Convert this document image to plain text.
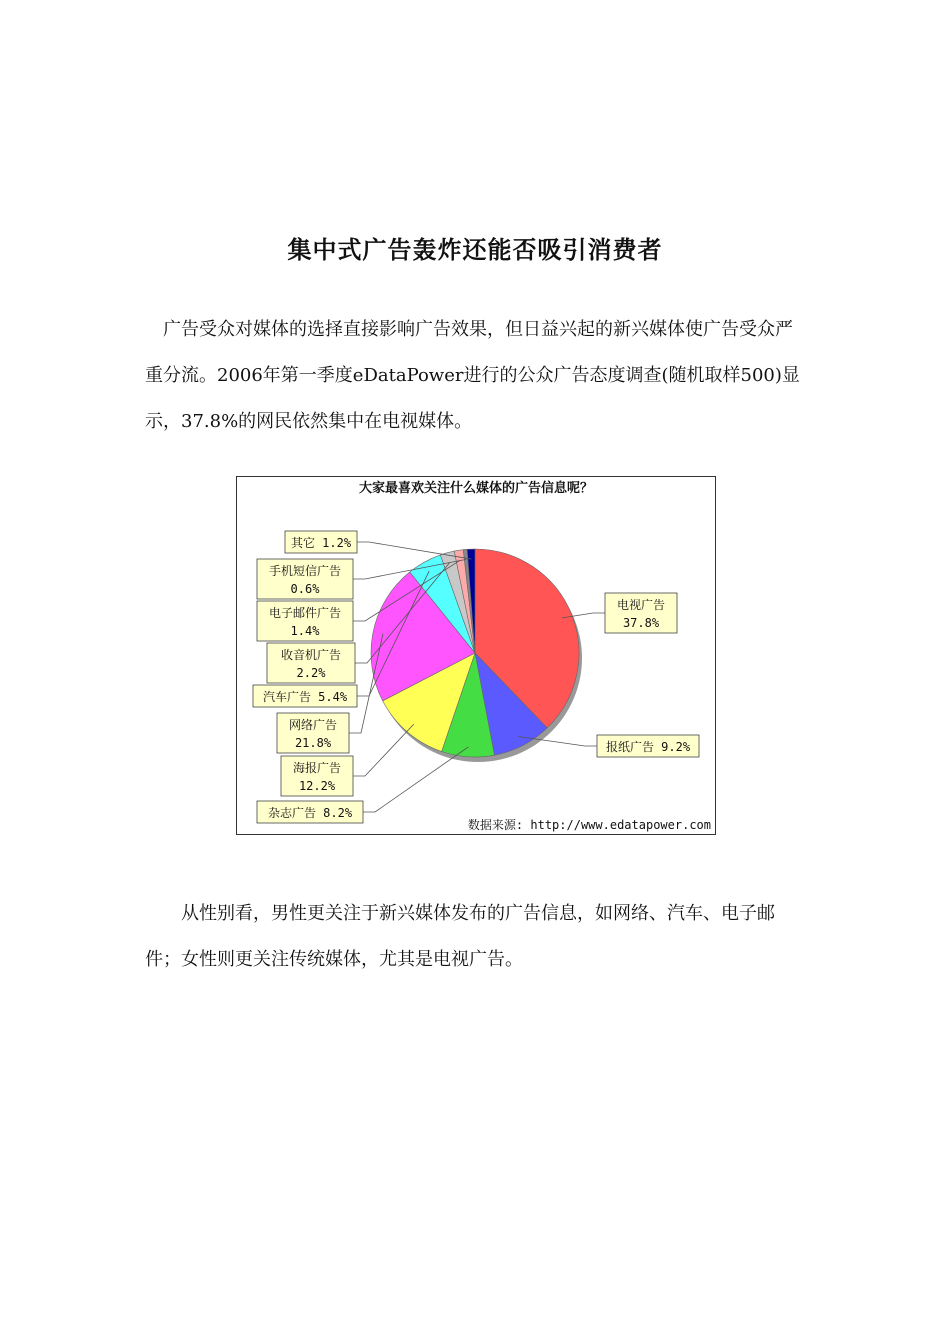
集中式广告轰炸还能否吸引消费者
广告受众对媒体的选择直接影响广告效果，但日益兴起的新兴媒体使广告受众严重分流。2006年第一季度eDataPower进行的公众广告态度调查(随机取样500)显示，37.8%的网民依然集中在电视媒体。
大家最喜欢关注什么媒体的广告信息呢？
电视广告
37.8%
报纸广告 9.2%
杂志广告 8.2%
海报广告
12.2%
网络广告
21.8%
汽车广告 5.4%
收音机广告
2.2%
电子邮件广告
1.4%
手机短信广告
0.6%
其它 1.2%
数据来源: http://www.edatapower.com
从性别看，男性更关注于新兴媒体发布的广告信息，如网络、汽车、电子邮件；女性则更关注传统媒体，尤其是电视广告。
